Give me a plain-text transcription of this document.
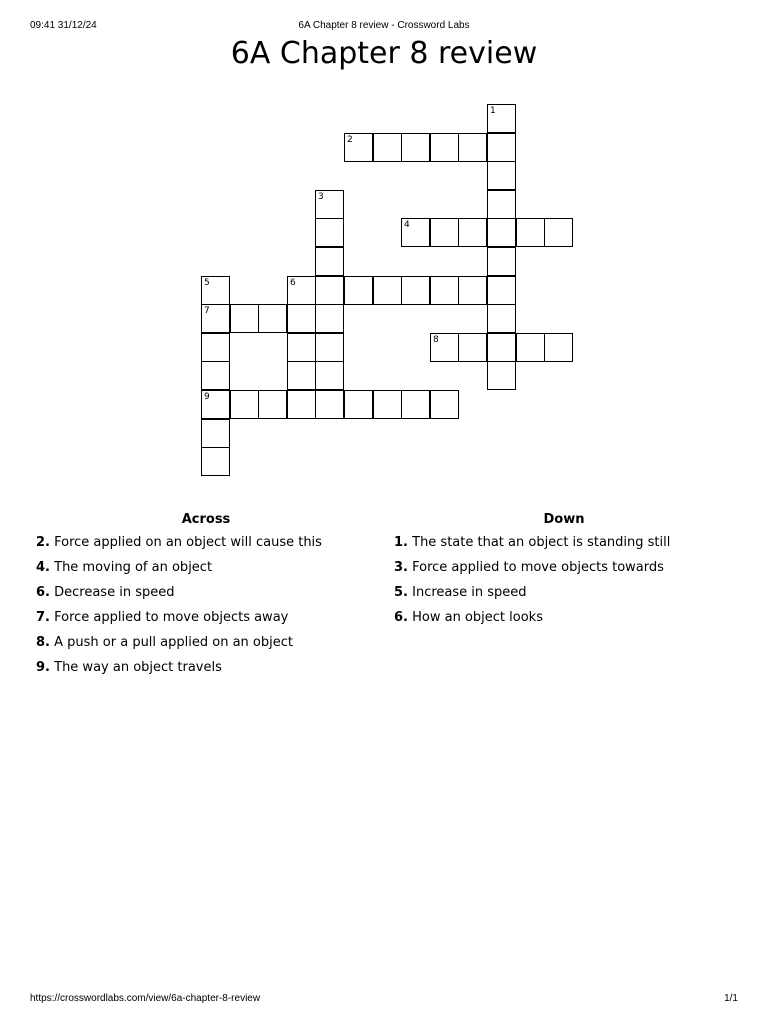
09:41 31/12/24	6A Chapter 8 review - Crossword Labs
6A Chapter 8 review
1
2
3
4
5
7
9
6
8
Across
2. Force applied on an object will cause this
4. The moving of an object
6. Decrease in speed
7. Force applied to move objects away
8. A push or a pull applied on an object
9. The way an object travels
Down
1. The state that an object is standing still
3. Force applied to move objects towards
5. Increase in speed
6. How an object looks
https://crosswordlabs.com/view/6a-chapter-8-review	1/1
